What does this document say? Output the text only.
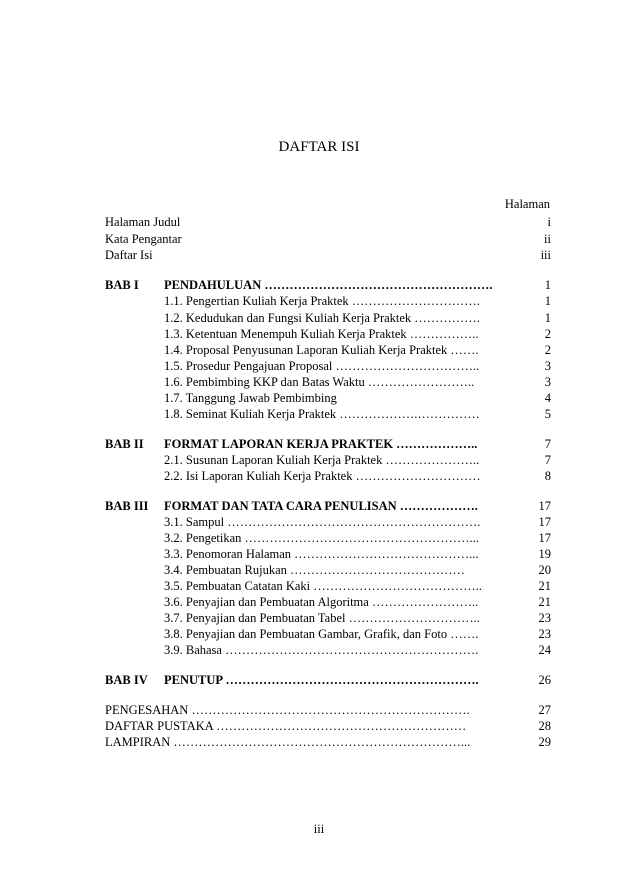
DAFTAR ISI
Halaman
Halaman Judul	i
Kata Pengantar	ii
Daftar Isi	iii
BAB I PENDAHULUAN ……………………………………………….	1
1.1. Pengertian Kuliah Kerja Praktek ………………………….	1
1.2. Kedudukan dan Fungsi Kuliah Kerja Praktek …………….	1
1.3. Ketentuan Menempuh Kuliah Kerja Praktek ……………..	2
1.4. Proposal Penyusunan Laporan Kuliah Kerja Praktek …….	2
1.5. Prosedur Pengajuan Proposal ……………………………..	3
1.6. Pembimbing KKP dan Batas Waktu ……………………..	3
1.7. Tanggung Jawab Pembimbing	4
1.8. Seminat Kuliah Kerja Praktek ……………….……………	5
BAB II FORMAT LAPORAN KERJA PRAKTEK ………………..	7
2.1. Susunan Laporan Kuliah Kerja Praktek …………………..	7
2.2. Isi Laporan Kuliah Kerja Praktek …………………………	8
BAB III FORMAT DAN TATA CARA PENULISAN ……………….	17
3.1. Sampul …………………………………………………….	17
3.2. Pengetikan ………………………………………………...	17
3.3. Penomoran Halaman ……………………………………...	19
3.4. Pembuatan Rujukan ……………………………………	20
3.5. Pembuatan Catatan Kaki …………………………………..	21
3.6. Penyajian dan Pembuatan Algoritma ……………………..	21
3.7. Penyajian dan Pembuatan Tabel …………………………..	23
3.8. Penyajian dan Pembuatan Gambar, Grafik, dan Foto …….	23
3.9. Bahasa …………………………………………………….	24
BAB IV PENUTUP …………………………………………………….	26
PENGESAHAN ………………………………………………………….	27
DAFTAR PUSTAKA ……………………………………………………	28
LAMPIRAN ……………………………………………………………...	29
iii
